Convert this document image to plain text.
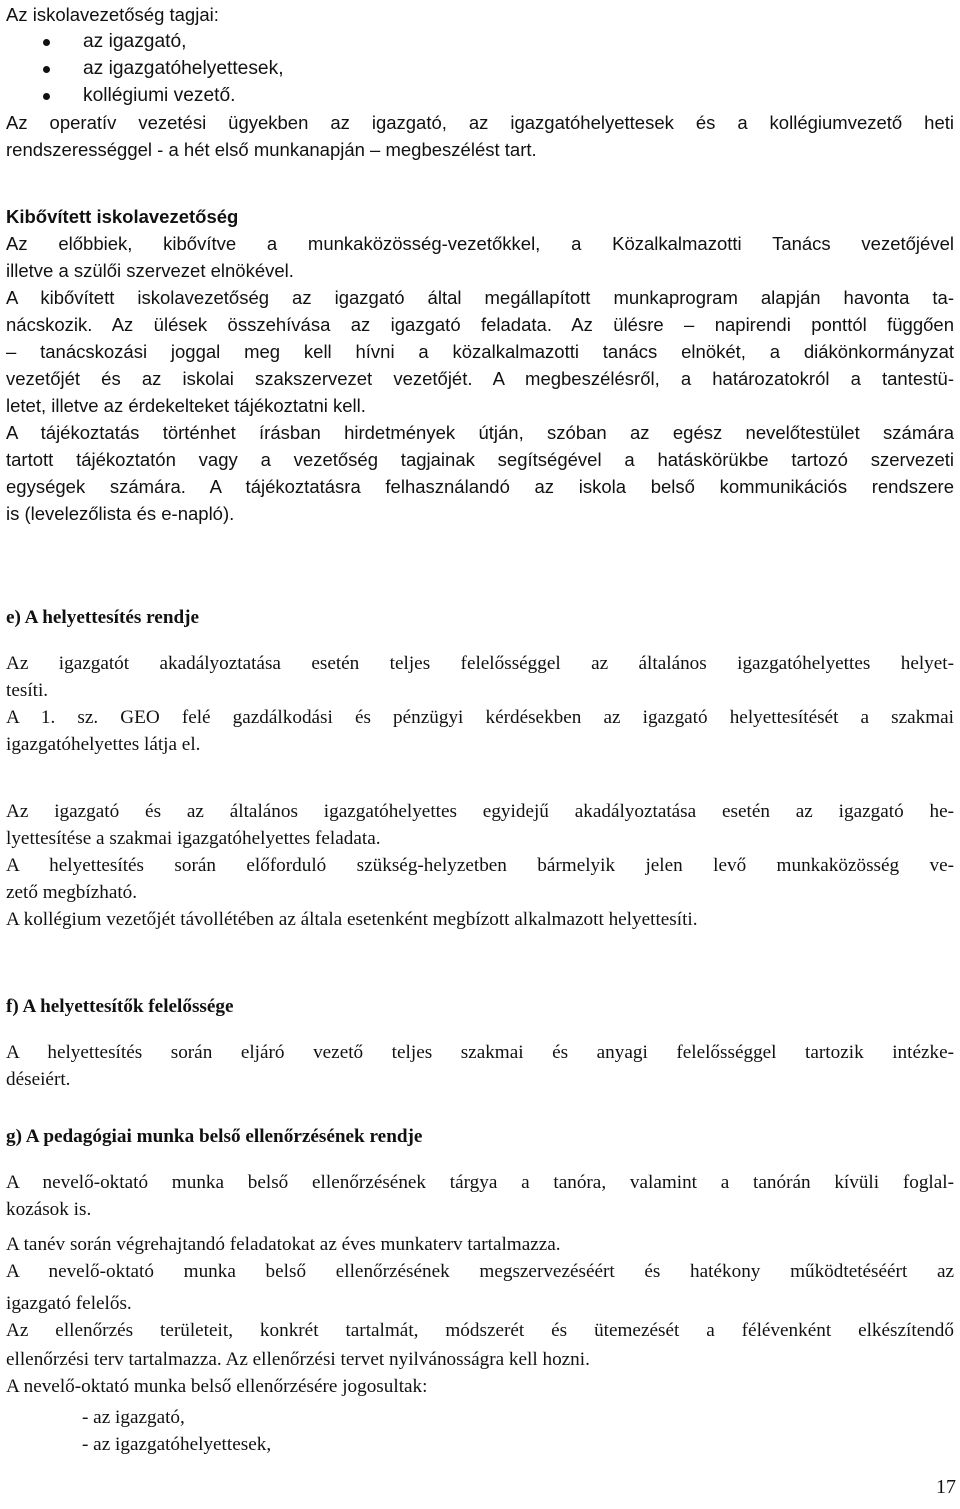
Az iskolavezetőség tagjai:
az igazgató,
az igazgatóhelyettesek,
kollégiumi vezető.
Az operatív vezetési ügyekben az igazgató, az igazgatóhelyettesek és a kollégiumvezető heti
rendszerességgel - a hét első munkanapján – megbeszélést tart.
Kibővített iskolavezetőség
Az előbbiek, kibővítve a munkaközösség-vezetőkkel, a Közalkalmazotti Tanács vezetőjével
illetve a szülői szervezet elnökével.
A kibővített iskolavezetőség az igazgató által megállapított munkaprogram alapján havonta ta-
nácskozik. Az ülések összehívása az igazgató feladata. Az ülésre – napirendi ponttól függően
– tanácskozási joggal meg kell hívni a közalkalmazotti tanács elnökét, a diákönkormányzat
vezetőjét és az iskolai szakszervezet vezetőjét. A megbeszélésről, a határozatokról a tantestü-
letet, illetve az érdekelteket tájékoztatni kell.
A tájékoztatás történhet írásban hirdetmények útján, szóban az egész nevelőtestület számára
tartott tájékoztatón vagy a vezetőség tagjainak segítségével a hatáskörükbe tartozó szervezeti
egységek számára. A tájékoztatásra felhasználandó az iskola belső kommunikációs rendszere
is (levelezőlista és e-napló).
e) A helyettesítés rendje
Az igazgatót akadályoztatása esetén teljes felelősséggel az általános igazgatóhelyettes helyet-
tesíti.
A 1. sz. GEO felé gazdálkodási és pénzügyi kérdésekben az igazgató helyettesítését a szakmai
igazgatóhelyettes látja el.
Az igazgató és az általános igazgatóhelyettes egyidejű akadályoztatása esetén az igazgató he-
lyettesítése a szakmai igazgatóhelyettes feladata.
A helyettesítés során előforduló szükség-helyzetben bármelyik jelen levő munkaközösség ve-
zető megbízható.
A kollégium vezetőjét távollétében az általa esetenként megbízott alkalmazott helyettesíti.
f) A helyettesítők felelőssége
A helyettesítés során eljáró vezető teljes szakmai és anyagi felelősséggel tartozik intézke-
déseiért.
g) A pedagógiai munka belső ellenőrzésének rendje
A nevelő-oktató munka belső ellenőrzésének tárgya a tanóra, valamint a tanórán kívüli foglal-
kozások is.
A tanév során végrehajtandó feladatokat az éves munkaterv tartalmazza.
A nevelő-oktató munka belső ellenőrzésének megszervezéséért és hatékony működtetéséért az
igazgató felelős.
Az ellenőrzés területeit, konkrét tartalmát, módszerét és ütemezését a félévenként elkészítendő
ellenőrzési terv tartalmazza. Az ellenőrzési tervet nyilvánosságra kell hozni.
A nevelő-oktató munka belső ellenőrzésére jogosultak:
- az igazgató,
- az igazgatóhelyettesek,
17
